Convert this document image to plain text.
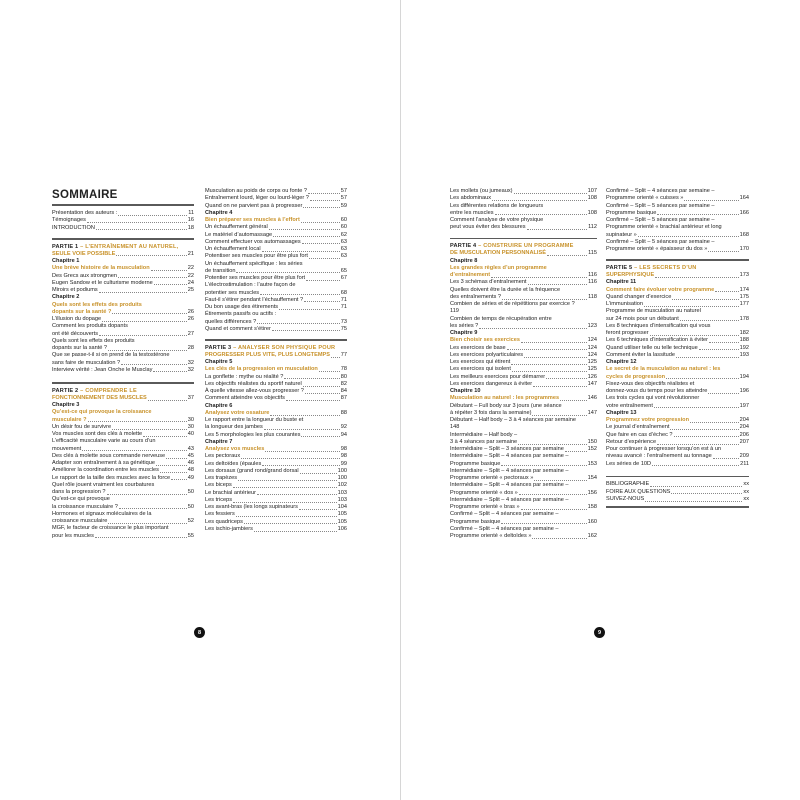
SOMMAIRE
Présentation des auteurs :	11
Témoignages	16
INTRODUCTION	18
PARTIE 1 – L’ENTRAÎNEMENT AU NATUREL,
SEULE VOIE POSSIBLE	21
Chapitre 1
Une brève histoire de la musculation	22
Des Grecs aux strongmen	22
Eugen Sandow et le culturisme moderne	24
Miroirs et podiums	25
Chapitre 2
Quels sont les effets des produits
dopants sur la santé ?	26
L’illusion du dopage	26
Comment les produits dopants
ont été découverts	27
Quels sont les effets des produits
dopants sur la santé ?	28
Que se passe-t-il si on prend de la testostérone
sans faire de musculation ?	32
Interview vérité : Jean Onche le Musclay	32
PARTIE 2 – COMPRENDRE LE
FONCTIONNEMENT DES MUSCLES	37
Chapitre 3
Qu’est-ce qui provoque la croissance
musculaire ?	30
Un désir fou de survivre	30
Vos muscles sont des clés à molette	40
L’efficacité musculaire varie au cours d’un
mouvement	43
Des clés à molette sous commande nerveuse	45
Adapter son entraînement à sa génétique	46
Améliorer la coordination entre les muscles	48
Le rapport de la taille des muscles avec la force	49
Quel rôle jouent vraiment les courbatures
dans la progression ?	50
Qu’est-ce qui provoque
la croissance musculaire ?	50
Hormones et signaux moléculaires de la
croissance musculaire	52
MGF, le facteur de croissance le plus important
pour les muscles	55
Musculation au poids de corps ou fonte ?	57
Entraînement lourd, léger ou lourd-léger ?	57
Quand on ne parvient pas à progresser	59
Chapitre 4
Bien préparer ses muscles à l’effort	60
Un échauffement général	60
Le matériel d’automassage	62
Comment effectuer vos automassages	63
Un échauffement local	63
Potentiser ses muscles pour être plus fort	63
Un échauffement spécifique : les séries
de transition	65
Potentier ses muscles pour être plus fort	67
L’électrostimulation : l’autre façon de
potentier ses muscles	68
Faut-il s’étirer pendant l’échauffement ?	71
Du bon usage des étirements	71
Étirements passifs ou actifs :
quelles différences ?	73
Quand et comment s’étirer	75
PARTIE 3 – ANALYSER SON PHYSIQUE POUR
PROGRESSER PLUS VITE, PLUS LONGTEMPS 77
Chapitre 5
Les clés de la progression en musculation	78
La gonflette : mythe ou réalité ?	80
Les objectifs réalistes du sportif naturel	82
À quelle vitesse allez-vous progresser ?	84
Comment atteindre vos objectifs	87
Chapitre 6
Analysez votre ossature	88
Le rapport entre la longueur du buste et
la longueur des jambes	92
Les 5 morphologies les plus courantes	94
Chapitre 7
Analysez vos muscles	98
Les pectoraux	98
Les deltoïdes (épaules	99
Les dorsaux (grand rond/grand dorsal	100
Les trapèzes	100
Les biceps	102
Le brachial antérieur	103
Les triceps	103
Les avant-bras (les longs supinateurs	104
Les fessiers	105
Les quadriceps	105
Les ischio-jambiers	106
8
Les mollets (ou jumeaux)	107
Les abdominaux	108
Les différentes relations de longueurs
entre les muscles	108
Comment l’analyse de votre physique
peut vous éviter des blessures	112
PARTIE 4 – CONSTRUIRE UN PROGRAMME
DE MUSCULATION PERSONNALISÉ	115
Chapitre 8
Les grandes règles d’un programme
d’entraînement	116
Les 3 schémas d’entraînement	116
Quelles doivent être la durée et la fréquence
des entraînements ?	118
Combien de séries et de répétitions par exercice ?
119
Combien de temps de récupération entre
les séries ?	123
Chapitre 9
Bien choisir ses exercices	124
Les exercices de base	124
Les exercices polyarticulaires	124
Les exercices qui étirent	125
Les exercices qui isolent	125
Les meilleurs exercices pour démarrer	126
Les exercices dangereux à éviter	147
Chapitre 10
Musculation au naturel : les programmes	146
Débutant – Full body sur 3 jours (une séance
à répéter 3 fois dans la semaine)	147
Débutant – Half body – 3 à 4 séances par semaine
148
Intermédiaire – Half body –
3 à 4 séances par semaine	150
Intermédiaire – Split – 3 séances par semaine	152
Intermédiaire – Split – 4 séances par semaine –
Programme basique	153
Intermédiaire – Split – 4 séances par semaine –
Programme orienté « pectoraux »	154
Intermédiaire – Split – 4 séances par semaine –
Programme orienté « dos »	156
Intermédiaire – Split – 4 séances par semaine –
Programme orienté « bras »	158
Confirmé – Split – 4 séances par semaine –
Programme basique	160
Confirmé – Split – 4 séances par semaine –
Programme orienté « deltoïdes »	162
Confirmé – Split – 4 séances par semaine –
Programme orienté « cuisses »	164
Confirmé – Split – 5 séances par semaine –
Programme basique	166
Confirmé – Split – 5 séances par semaine –
Programme orienté « brachial antérieur et long
supinateur »	168
Confirmé – Split – 5 séances par semaine –
Programme orienté « épaisseur du dos »	170
PARTIE 5 – LES SECRETS D’UN
SUPERPHYSIQUE	173
Chapitre 11
Comment faire évoluer votre programme	174
Quand changer d’exercice	175
L’immunisation	177
Programme de musculation au naturel
sur 24 mois pour un débutant	178
Les 8 techniques d’intensification qui vous
feront progresser	182
Les 6 techniques d’intensification à éviter	188
Quand utiliser telle ou telle technique	192
Comment éviter la lassitude	193
Chapitre 12
Le secret de la musculation au naturel : les
cycles de progression	194
Fixez-vous des objectifs réalistes et
donnez-vous du temps pour les atteindre	196
Les trois cycles qui vont révolutionner
votre entraînement	197
Chapitre 13
Programmez votre progression	204
Le journal d’entraînement	204
Que faire en cas d’échec ?	206
Retour d’expérience	207
Pour continuer à progresser lorsqu’on est à un
niveau avancé : l’entraînement au tonnage	209
Les séries de 10D	211
BIBLIOGRAPHIE	xx
FOIRE AUX QUESTIONS	xx
SUIVEZ-NOUS	xx
9
